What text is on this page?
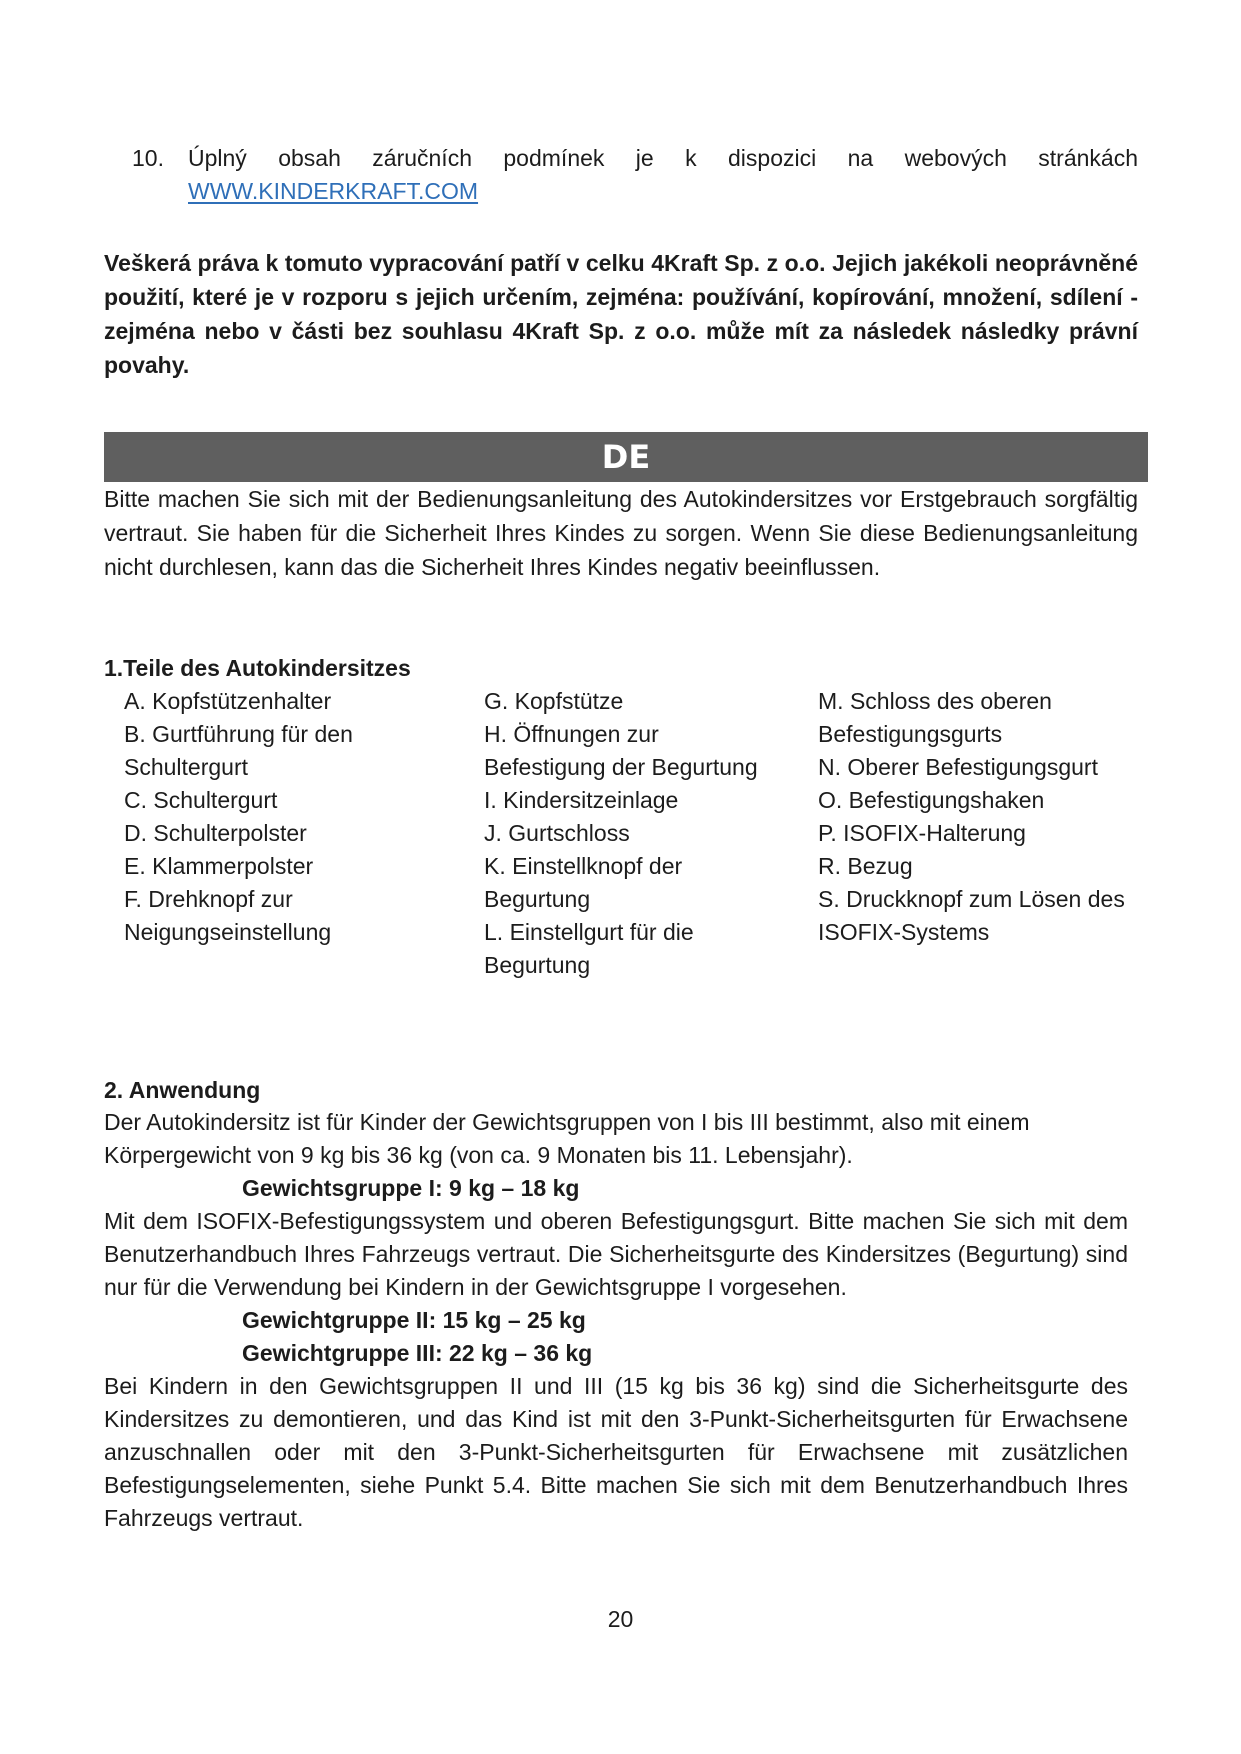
10. Úplný obsah záručních podmínek je k dispozici na webových stránkách
WWW.KINDERKRAFT.COM
Veškerá práva k tomuto vypracování patří v celku 4Kraft Sp. z o.o. Jejich jakékoli neoprávněné použití, které je v rozporu s jejich určením, zejména: používání, kopírování, množení, sdílení - zejména nebo v části bez souhlasu 4Kraft Sp. z o.o. může mít za následek následky právní povahy.
DE
Bitte machen Sie sich mit der Bedienungsanleitung des Autokindersitzes vor Erstgebrauch sorgfältig vertraut. Sie haben für die Sicherheit Ihres Kindes zu sorgen. Wenn Sie diese Bedienungsanleitung nicht durchlesen, kann das die Sicherheit Ihres Kindes negativ beeinflussen.
1.Teile des Autokindersitzes

A. Kopfstützenhalter

B. Gurtführung für den Schultergurt

C. Schultergurt

D. Schulterpolster

E. Klammerpolster

F. Drehknopf zur Neigungseinstellung

G. Kopfstütze

H. Öffnungen zur Befestigung der Begurtung

I. Kindersitzeinlage

J. Gurtschloss

K. Einstellknopf der Begurtung

L. Einstellgurt für die Begurtung

M. Schloss des oberen Befestigungsgurts

N. Oberer Befestigungsgurt

O. Befestigungshaken

P. ISOFIX-Halterung

R. Bezug

S. Druckknopf zum Lösen des ISOFIX-Systems

2. Anwendung

Der Autokindersitz ist für Kinder der Gewichtsgruppen von I bis III bestimmt, also mit einem Körpergewicht von 9 kg bis 36 kg (von ca. 9 Monaten bis 11. Lebensjahr).

Gewichtsgruppe I: 9 kg – 18 kg

Mit dem ISOFIX-Befestigungssystem und oberen Befestigungsgurt. Bitte machen Sie sich mit dem Benutzerhandbuch Ihres Fahrzeugs vertraut. Die Sicherheitsgurte des Kindersitzes (Begurtung) sind nur für die Verwendung bei Kindern in der Gewichtsgruppe I vorgesehen.

Gewichtgruppe II: 15 kg – 25 kg

Gewichtgruppe III: 22 kg – 36 kg

Bei Kindern in den Gewichtsgruppen II und III (15 kg bis 36 kg) sind die Sicherheitsgurte des Kindersitzes zu demontieren, und das Kind ist mit den 3-Punkt-Sicherheitsgurten für Erwachsene anzuschnallen oder mit den 3-Punkt-Sicherheitsgurten für Erwachsene mit zusätzlichen Befestigungselementen, siehe Punkt 5.4. Bitte machen Sie sich mit dem Benutzerhandbuch Ihres Fahrzeugs vertraut.

20
